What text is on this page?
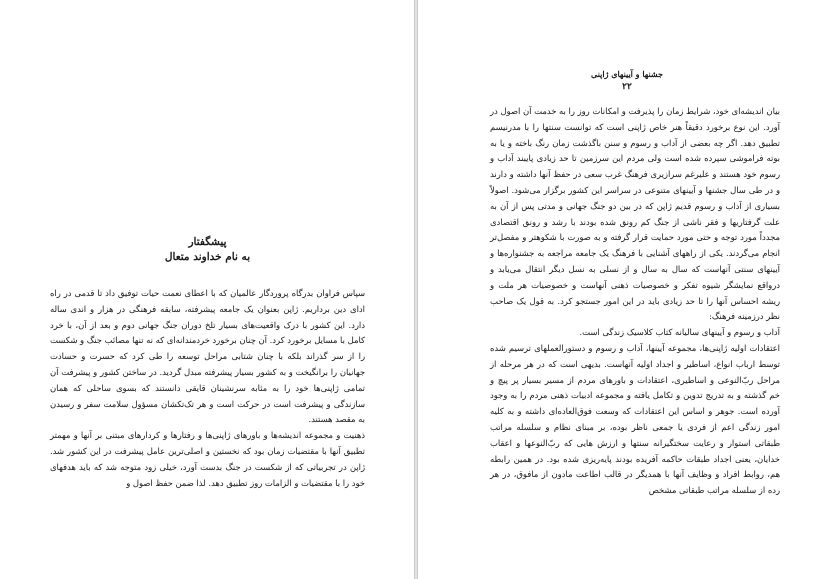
پیشگفتار
به نام خداوند متعال

سپاس فراوان بدرگاه پروردگار عالمیان که با اعطای نعمت حیات توفیق داد تا قدمی در راه ادای دین بر‌داریم. ژاپن بعنوان یک جامعه پیشرفته، سابقه فرهنگی در هزار و اندی ساله دارد. این کشور با درک واقعیت‌های بسیار تلخ دوران جنگ جهانی دوم و بعد از آن، با خرد کامل با مسایل برخورد کرد. آن چنان برخورد خردمندانه‌ای که نه تنها مصائب جنگ و شکست را از سر گذراند بلکه با چنان شتابی مراحل توسعه را طی کرد که حسرت و حسادت جهانیان را برانگیخت و به کشور بسیار پیشرفته مبدل گردید. در ساختن کشور و پیشرفت آن تمامی ژاپنی‌ها خود را به مثابه سرنشینان قایقی دانستند که بسوی ساحلی که همان سازندگی و پیشرفت است در حرکت است و هر تک‌تکشان مسؤول سلامت سفر و رسیدن به مقصد هستند.

ذهنیت و مجموعه اندیشه‌ها و باورهای ژاپنی‌ها و رفتارها و کردارهای مبتنی بر آنها و مهمتر تطبیق آنها با مقتضیات زمان بود که نخستین و اصلی‌ترین عامل پیشرفت در این کشور شد. ژاپن در تجربیاتی که از شکست در جنگ بدست آورد، خیلی زود متوجه شد که باید هدفهای خود را با مقتضیات و الزامات روز تطبیق دهد. لذا ضمن حفظ اصول و

جشنها و آیینهای ژاپنی
۲۲

بیان اندیشه‌ای خود، شرایط زمان را پذیرفت و امکانات روز را به خدمت آن اصول در آورد. این نوع برخورد دقیقاً هنر خاص ژاپنی است که توانست سنتها را با مدرنیسم تطبیق دهد. اگر چه بعضی از آداب و رسوم و سنن باگذشت زمان رنگ باخته و یا به بوته فراموشی سپرده شده است ولی مردم این سرزمین تا حد زیادی پایبند آداب و رسوم خود هستند و علیرغم سرازیری فرهنگ غرب سعی در حفظ آنها داشته و دارند و در طی سال جشنها و آیینهای متنوعی در سراسر این کشور برگزار می‌شود. اصولاً بسیاری از آداب و رسوم قدیم ژاپن که در بین دو جنگ جهانی و مدتی پس از آن به علت گرفتاریها و فقر ناشی از جنگ کم رونق شده بودند با رشد و رونق اقتصادی مجدداً مورد توجه و حتی مورد حمایت قرار گرفته و به صورت با شکوهتر و مفصل‌تر انجام می‌گردند. یکی از راههای آشنایی با فرهنگ یک جامعه مراجعه به جشنواره‌ها و آیینهای سنتی آنهاست که سال به سال و از نسلی به نسل دیگر انتقال می‌یابد و درواقع نمایشگر شیوه تفکر و خصوصیات ذهنی آنهاست و خصوصیات هر ملت و ریشه احساس آنها را تا حد زیادی باید در این امور جستجو کرد. به قول یک صاحب نظر درزمینه فرهنگ:

آداب و رسوم و آیینهای سالیانه کتاب کلاسیک زندگی است.

اعتقادات اولیه ژاپنی‌ها، مجموعه آیینها، آداب و رسوم و دستورالعملهای ترسیم شده توسط ارباب انواع، اساطیر و اجداد اولیه آنهاست. بدیهی است که در هر مرحله از مراحل ربّ‌النوعی و اساطیری، اعتقادات و باورهای مردم از مسیر بسیار پر پیچ و خم گذشته و به تدریج تدوین و تکامل یافته و مجموعه ادبیات ذهنی مردم را به وجود آورده است. جوهر و اساس این اعتقادات که وسعت فوق‌العاده‌ای داشته و به کلیه امور زندگی اعم از فردی یا جمعی ناظر بوده، بر مبنای نظام و سلسله مراتب طبقاتی استوار و رعایت سختگیرانه سنتها و ارزش هایی که ربّ‌النوعها و اعقاب خدایان، یعنی اجداد طبقات حاکمه آفریده بودند پایه‌ریزی شده بود. در همین رابطه هم، روابط افراد و وظایف آنها با همدیگر در قالب اطاعت مادون از مافوق، در هر رده از سلسله مراتب طبقاتی مشخص
